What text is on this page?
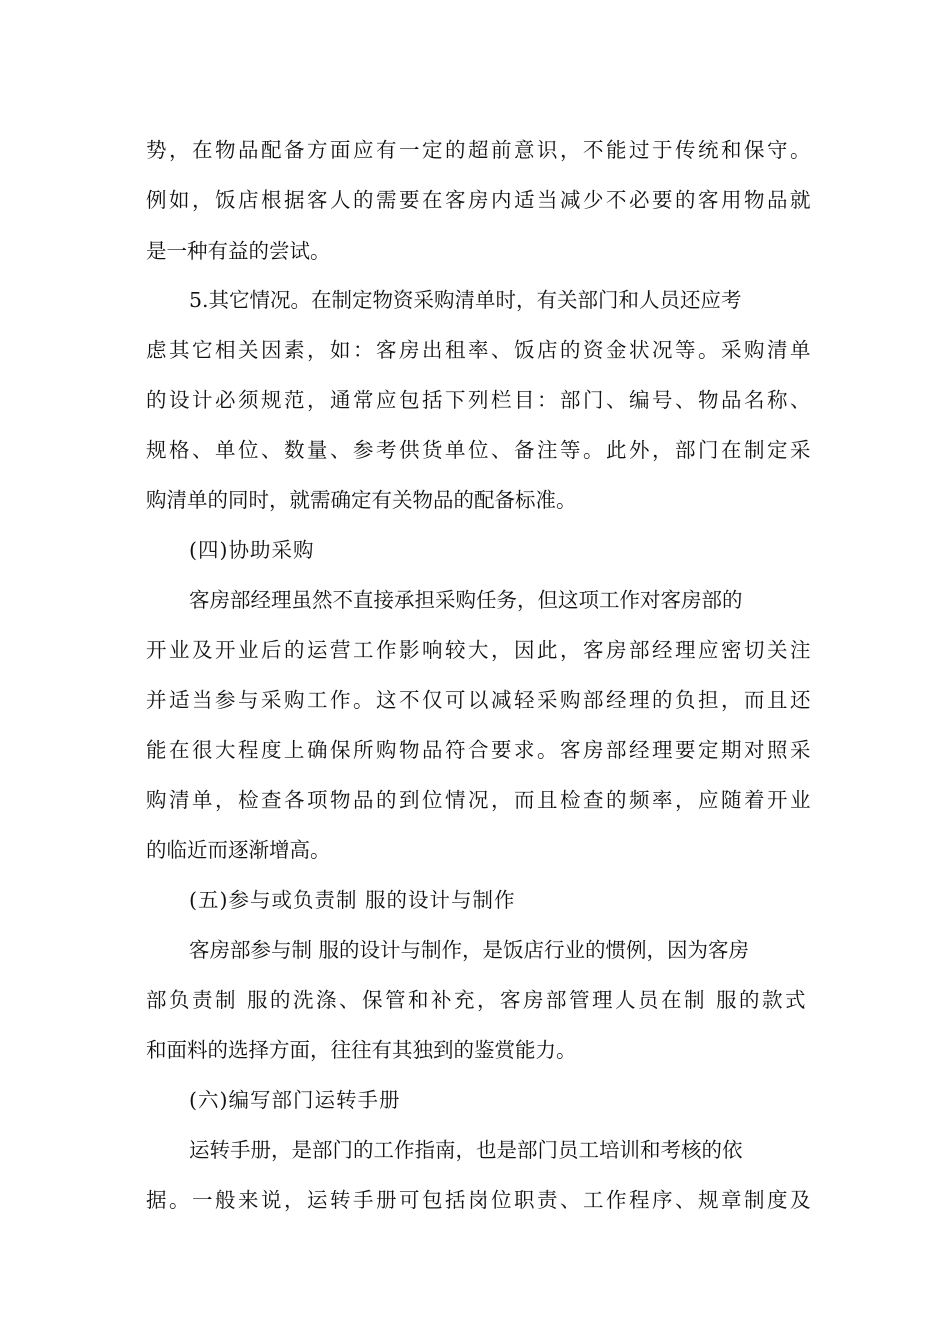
势，在物品配备方面应有一定的超前意识，不能过于传统和保守。
例如，饭店根据客人的需要在客房内适当减少不必要的客用物品就
是一种有益的尝试。
5.其它情况。在制定物资采购清单时，有关部门和人员还应考
虑其它相关因素，如：客房出租率、饭店的资金状况等。采购清单
的设计必须规范，通常应包括下列栏目：部门、编号、物品名称、
规格、单位、数量、参考供货单位、备注等。此外，部门在制定采
购清单的同时，就需确定有关物品的配备标准。
(四)协助采购
客房部经理虽然不直接承担采购任务，但这项工作对客房部的
开业及开业后的运营工作影响较大，因此，客房部经理应密切关注
并适当参与采购工作。这不仅可以减轻采购部经理的负担，而且还
能在很大程度上确保所购物品符合要求。客房部经理要定期对照采
购清单，检查各项物品的到位情况，而且检查的频率，应随着开业
的临近而逐渐增高。
(五)参与或负责制 服的设计与制作
客房部参与制 服的设计与制作，是饭店行业的惯例，因为客房
部负责制 服的洗涤、保管和补充，客房部管理人员在制 服的款式
和面料的选择方面，往往有其独到的鉴赏能力。
(六)编写部门运转手册
运转手册，是部门的工作指南，也是部门员工培训和考核的依
据。一般来说，运转手册可包括岗位职责、工作程序、规章制度及
